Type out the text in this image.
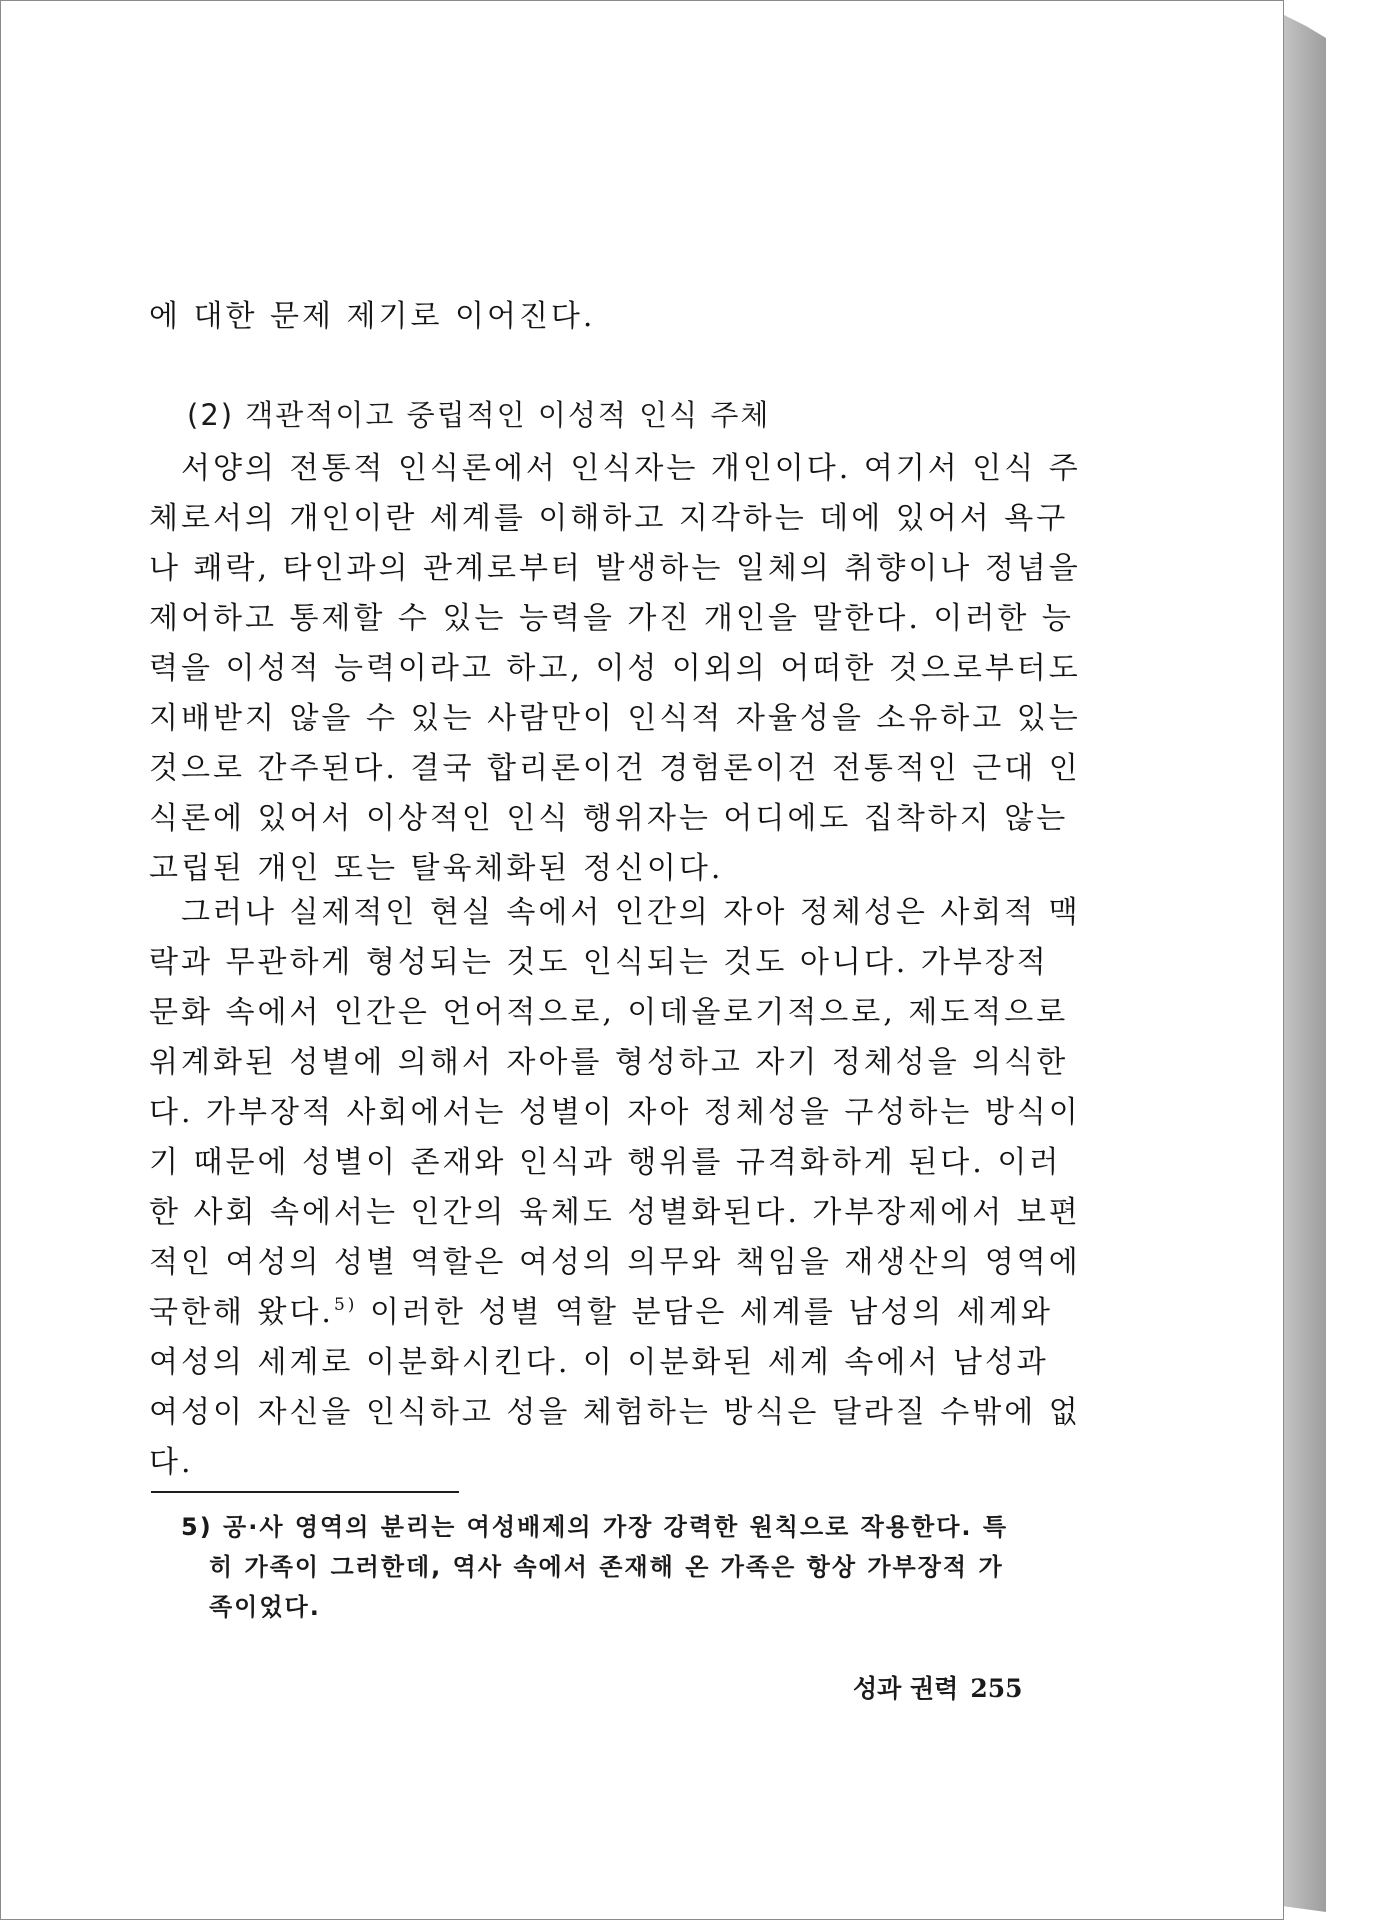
에 대한 문제 제기로 이어진다.
(2) 객관적이고 중립적인 이성적 인식 주체
서양의 전통적 인식론에서 인식자는 개인이다. 여기서 인식 주
체로서의 개인이란 세계를 이해하고 지각하는 데에 있어서 욕구
나 쾌락, 타인과의 관계로부터 발생하는 일체의 취향이나 정념을
제어하고 통제할 수 있는 능력을 가진 개인을 말한다. 이러한 능
력을 이성적 능력이라고 하고, 이성 이외의 어떠한 것으로부터도
지배받지 않을 수 있는 사람만이 인식적 자율성을 소유하고 있는
것으로 간주된다. 결국 합리론이건 경험론이건 전통적인 근대 인
식론에 있어서 이상적인 인식 행위자는 어디에도 집착하지 않는
고립된 개인 또는 탈육체화된 정신이다.
그러나 실제적인 현실 속에서 인간의 자아 정체성은 사회적 맥
락과 무관하게 형성되는 것도 인식되는 것도 아니다. 가부장적
문화 속에서 인간은 언어적으로, 이데올로기적으로, 제도적으로
위계화된 성별에 의해서 자아를 형성하고 자기 정체성을 의식한
다. 가부장적 사회에서는 성별이 자아 정체성을 구성하는 방식이
기 때문에 성별이 존재와 인식과 행위를 규격화하게 된다. 이러
한 사회 속에서는 인간의 육체도 성별화된다. 가부장제에서 보편
적인 여성의 성별 역할은 여성의 의무와 책임을 재생산의 영역에
국한해 왔다.$^{5)}$ 이러한 성별 역할 분담은 세계를 남성의 세계와
여성의 세계로 이분화시킨다. 이 이분화된 세계 속에서 남성과
여성이 자신을 인식하고 성을 체험하는 방식은 달라질 수밖에 없
다.
5) 공·사 영역의 분리는 여성배제의 가장 강력한 원칙으로 작용한다. 특
히 가족이 그러한데, 역사 속에서 존재해 온 가족은 항상 가부장적 가
족이었다.
성과 권력 255
